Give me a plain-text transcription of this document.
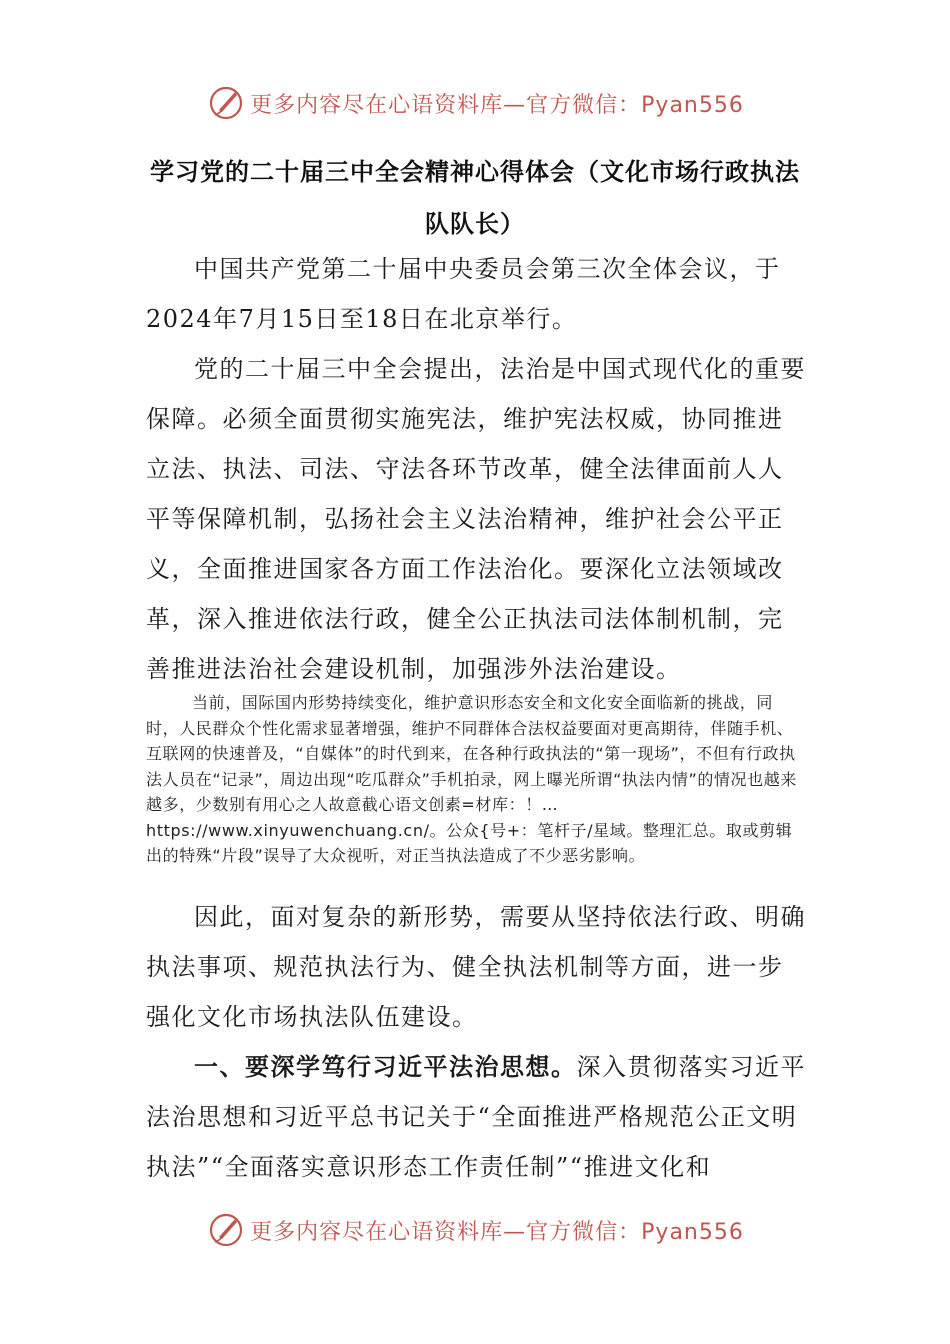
更多内容尽在心语资料库—官方微信：Pyan556
学习党的二十届三中全会精神心得体会（文化市场行政执法队队长）

中国共产党第二十届中央委员会第三次全体会议，于2024年7月15日至18日在北京举行。

党的二十届三中全会提出，法治是中国式现代化的重要保障。必须全面贯彻实施宪法，维护宪法权威，协同推进立法、执法、司法、守法各环节改革，健全法律面前人人平等保障机制，弘扬社会主义法治精神，维护社会公平正义，全面推进国家各方面工作法治化。要深化立法领域改革，深入推进依法行政，健全公正执法司法体制机制，完善推进法治社会建设机制，加强涉外法治建设。

当前，国际国内形势持续变化，维护意识形态安全和文化安全面临新的挑战，同时，人民群众个性化需求显著增强，维护不同群体合法权益要面对更高期待，伴随手机、互联网的快速普及，“自媒体”的时代到来，在各种行政执法的“第一现场”，不但有行政执法人员在“记录”，周边出现“吃瓜群众”手机拍录，网上曝光所谓“执法内情”的情况也越来越多，少数别有用心之人故意截心语文创素=材库：！…https://www.xinyuwenchuang.cn/。公众{号+：笔杆子/星域。整理汇总。取或剪辑出的特殊“片段”误导了大众视听，对正当执法造成了不少恶劣影响。

因此，面对复杂的新形势，需要从坚持依法行政、明确执法事项、规范执法行为、健全执法机制等方面，进一步强化文化市场执法队伍建设。

一、要深学笃行习近平法治思想。深入贯彻落实习近平法治思想和习近平总书记关于“全面推进严格规范公正文明执法”“全面落实意识形态工作责任制”“推进文化和

更多内容尽在心语资料库—官方微信：Pyan556
